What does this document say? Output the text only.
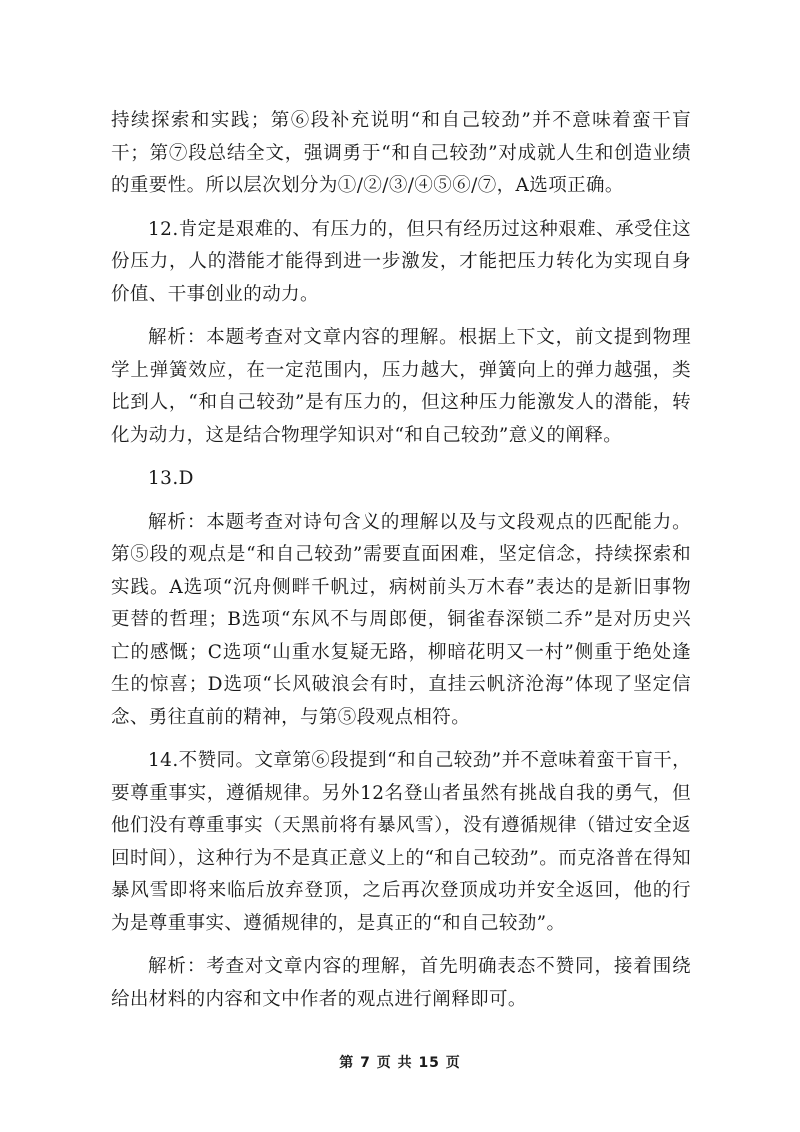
持续探索和实践；第⑥段补充说明“和自己较劲”并不意味着蛮干盲干；第⑦段总结全文，强调勇于“和自己较劲”对成就人生和创造业绩的重要性。所以层次划分为①/②/③/④⑤⑥/⑦，A选项正确。

12.肯定是艰难的、有压力的，但只有经历过这种艰难、承受住这份压力，人的潜能才能得到进一步激发，才能把压力转化为实现自身价值、干事创业的动力。

解析：本题考查对文章内容的理解。根据上下文，前文提到物理学上弹簧效应，在一定范围内，压力越大，弹簧向上的弹力越强，类比到人，“和自己较劲”是有压力的，但这种压力能激发人的潜能，转化为动力，这是结合物理学知识对“和自己较劲”意义的阐释。

13.D

解析：本题考查对诗句含义的理解以及与文段观点的匹配能力。第⑤段的观点是“和自己较劲”需要直面困难，坚定信念，持续探索和实践。A选项“沉舟侧畔千帆过，病树前头万木春”表达的是新旧事物更替的哲理；B选项“东风不与周郎便，铜雀春深锁二乔”是对历史兴亡的感慨；C选项“山重水复疑无路，柳暗花明又一村”侧重于绝处逢生的惊喜；D选项“长风破浪会有时，直挂云帆济沧海”体现了坚定信念、勇往直前的精神，与第⑤段观点相符。

14.不赞同。文章第⑥段提到“和自己较劲”并不意味着蛮干盲干，要尊重事实，遵循规律。另外12名登山者虽然有挑战自我的勇气，但他们没有尊重事实（天黑前将有暴风雪），没有遵循规律（错过安全返回时间），这种行为不是真正意义上的“和自己较劲”。而克洛普在得知暴风雪即将来临后放弃登顶，之后再次登顶成功并安全返回，他的行为是尊重事实、遵循规律的，是真正的“和自己较劲”。

解析：考查对文章内容的理解，首先明确表态不赞同，接着围绕给出材料的内容和文中作者的观点进行阐释即可。

第 7 页 共 15 页
